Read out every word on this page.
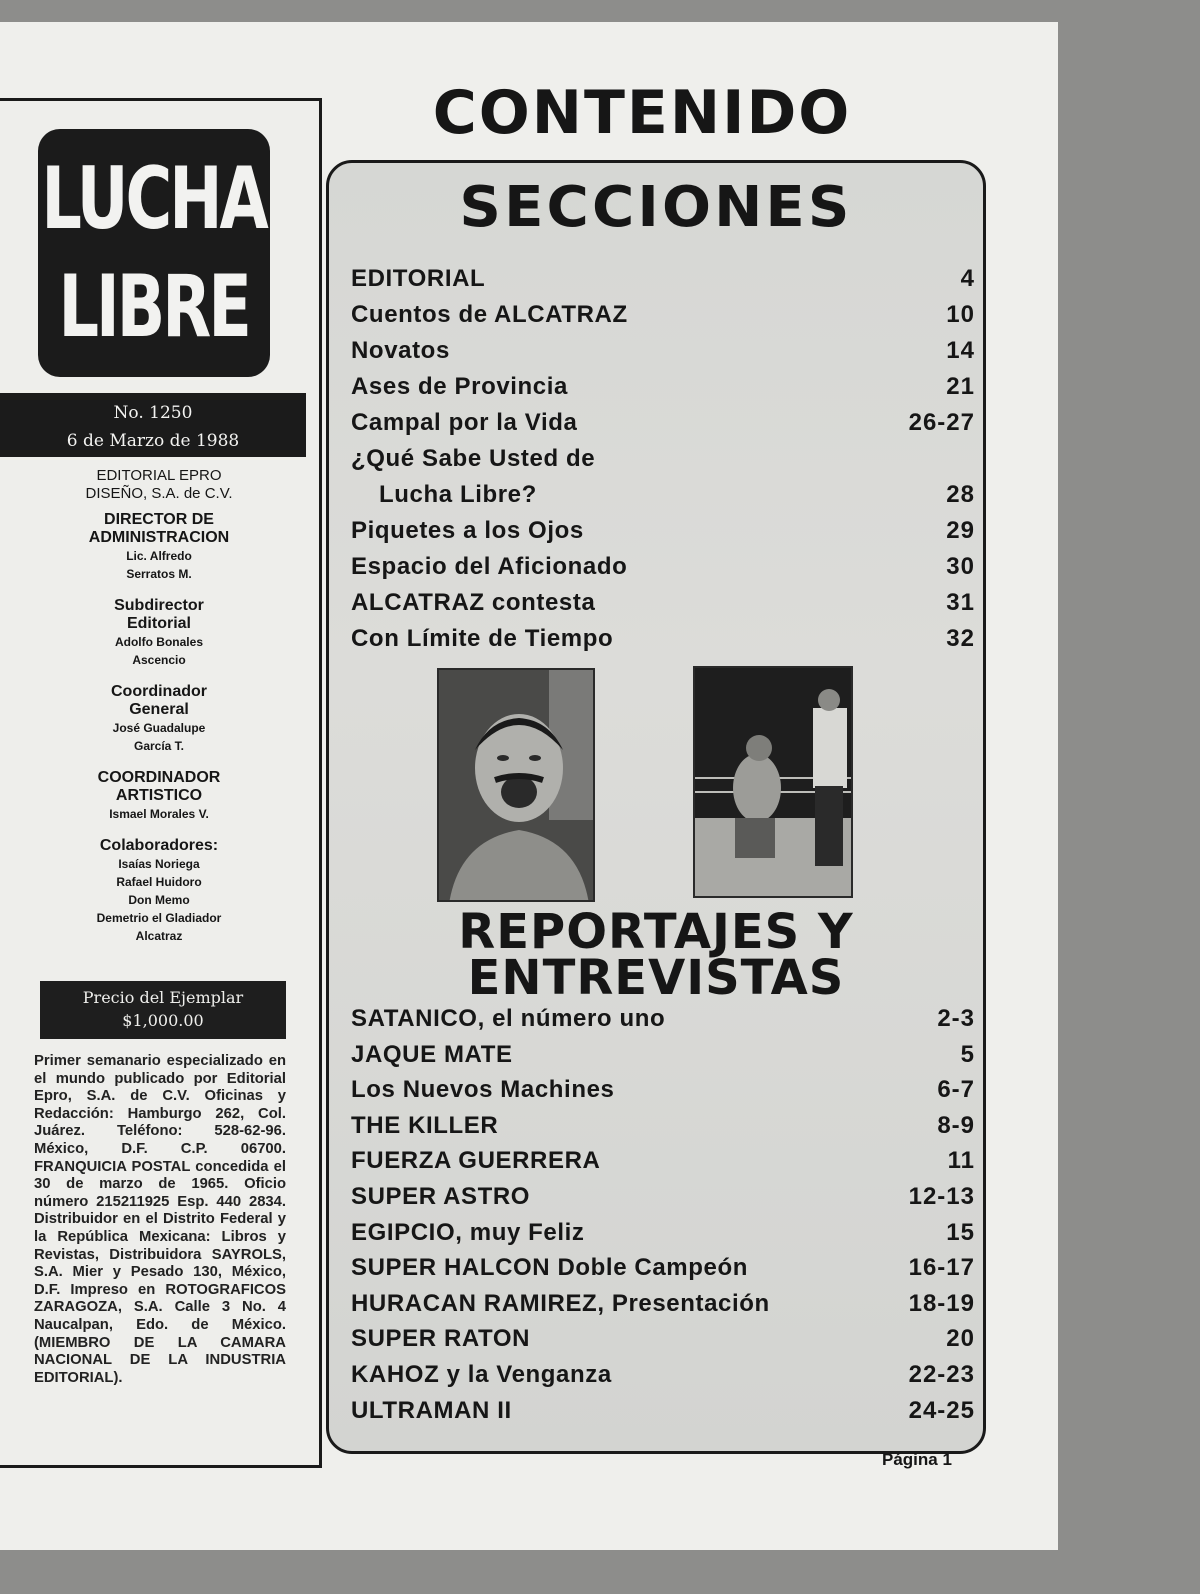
LUCHA
LIBRE
No. 1250
6 de Marzo de 1988
EDITORIAL EPRO
DISEÑO, S.A. de C.V.
DIRECTOR DE
ADMINISTRACION
Lic. Alfredo
Serratos M.
Subdirector
Editorial
Adolfo Bonales
Ascencio
Coordinador
General
José Guadalupe
García T.
COORDINADOR
ARTISTICO
Ismael Morales V.
Colaboradores:
Isaías Noriega
Rafael Huidoro
Don Memo
Demetrio el Gladiador
Alcatraz
Precio del Ejemplar
$1,000.00
Primer semanario especializado en el mundo publicado por Editorial Epro, S.A. de C.V. Oficinas y Redacción: Hamburgo 262, Col. Juárez. Teléfono: 528-62-96. México, D.F. C.P. 06700. FRANQUICIA POSTAL concedida el 30 de marzo de 1965. Oficio número 215211925 Esp. 440 2834. Distribuidor en el Distrito Federal y la República Mexicana: Libros y Revistas, Distribuidora SAYROLS, S.A. Mier y Pesado 130, México, D.F. Impreso en ROTOGRAFICOS ZARAGOZA, S.A. Calle 3 No. 4 Naucalpan, Edo. de México. (MIEMBRO DE LA CAMARA NACIONAL DE LA INDUSTRIA EDITORIAL).
CONTENIDO
SECCIONES
EDITORIAL	4
Cuentos de ALCATRAZ	10
Novatos	14
Ases de Provincia	21
Campal por la Vida	26-27
¿Qué Sabe Usted de
Lucha Libre?	28
Piquetes a los Ojos	29
Espacio del Aficionado	30
ALCATRAZ contesta	31
Con Límite de Tiempo	32
REPORTAJES Y
ENTREVISTAS
SATANICO, el número uno	2-3
JAQUE MATE	5
Los Nuevos Machines	6-7
THE KILLER	8-9
FUERZA GUERRERA	11
SUPER ASTRO	12-13
EGIPCIO, muy Feliz	15
SUPER HALCON Doble Campeón	16-17
HURACAN RAMIREZ, Presentación	18-19
SUPER RATON	20
KAHOZ y la Venganza	22-23
ULTRAMAN II	24-25
Página 1
